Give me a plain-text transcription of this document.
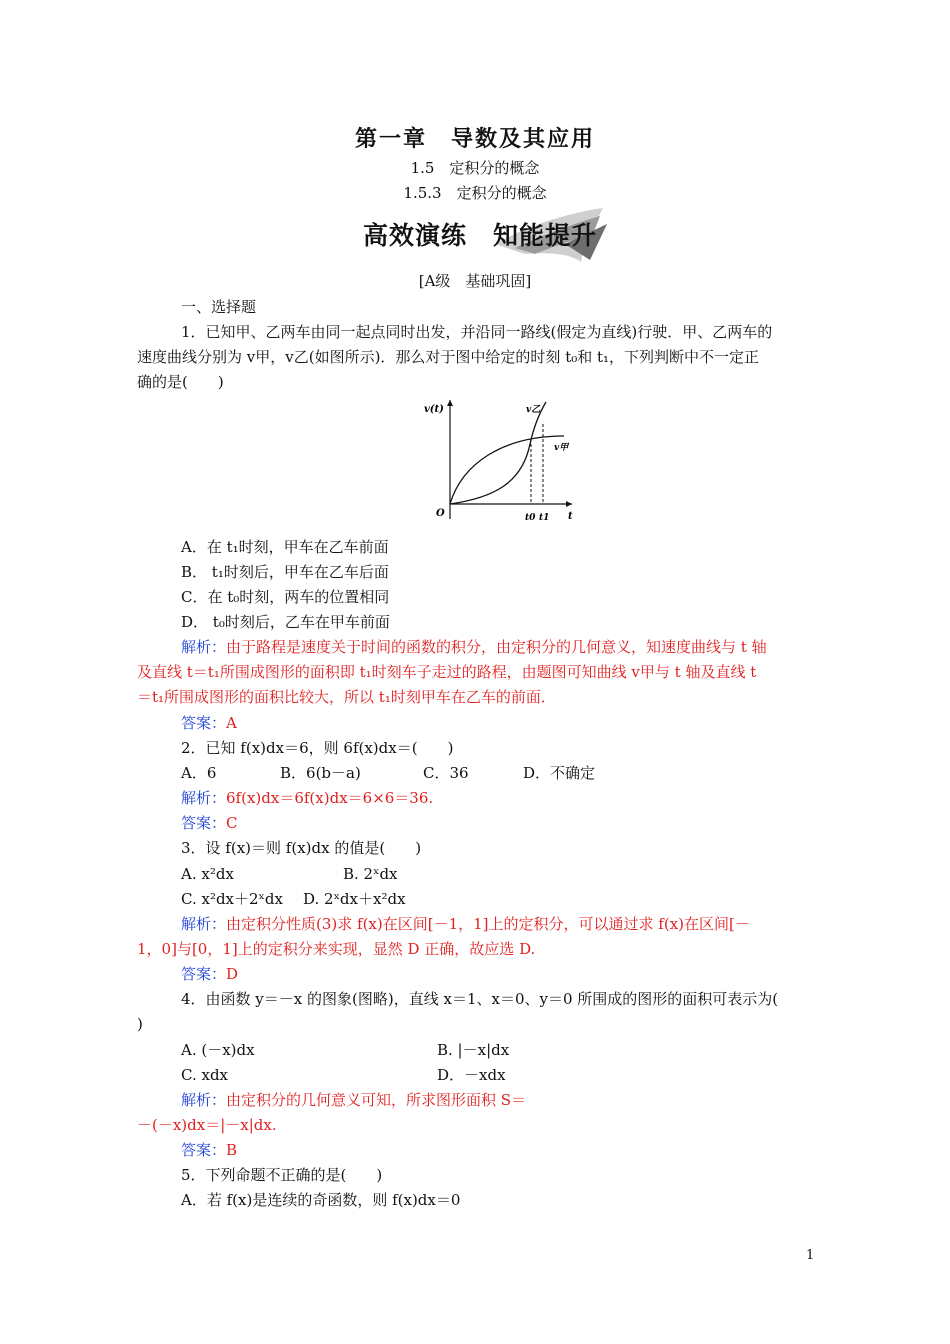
第一章　导数及其应用
1.5　定积分的概念
1.5.3　定积分的概念
高效演练　知能提升
[A级　基础巩固]
一、选择题
1．已知甲、乙两车由同一起点同时出发，并沿同一路线(假定为直线)行驶．甲、乙两车的
速度曲线分别为 v甲，v乙(如图所示)．那么对于图中给定的时刻 t₀和 t₁，下列判断中不一定正
确的是(　　)
v(t)
t
O
v乙
v甲
t0 t1
A．在 t₁时刻，甲车在乙车前面
B． t₁时刻后，甲车在乙车后面
C．在 t₀时刻，两车的位置相同
D． t₀时刻后，乙车在甲车前面
解析：由于路程是速度关于时间的函数的积分，由定积分的几何意义，知速度曲线与 t 轴
及直线 t＝t₁所围成图形的面积即 t₁时刻车子走过的路程，由题图可知曲线 v甲与 t 轴及直线 t
＝t₁所围成图形的面积比较大，所以 t₁时刻甲车在乙车的前面．
答案：A
2．已知 f(x)dx＝6，则 6f(x)dx＝(　　)
A．6	B．6(b－a)	C．36	D．不确定
解析：6f(x)dx＝6f(x)dx＝6×6＝36.
答案：C
3．设 f(x)＝则 f(x)dx 的值是(　　)
A. x²dx	B. 2ˣdx
C. x²dx＋2ˣdx	D. 2ˣdx＋x²dx
解析：由定积分性质(3)求 f(x)在区间[－1，1]上的定积分，可以通过求 f(x)在区间[－
1，0]与[0，1]上的定积分来实现，显然 D 正确，故应选 D.
答案：D
4．由函数 y＝－x 的图象(图略)，直线 x＝1、x＝0、y＝0 所围成的图形的面积可表示为(
)
A. (－x)dx	B. |－x|dx
C. xdx	D．－xdx
解析：由定积分的几何意义可知，所求图形面积 S＝
－(－x)dx＝|－x|dx.
答案：B
5．下列命题不正确的是(　　)
A．若 f(x)是连续的奇函数，则 f(x)dx＝0
1
